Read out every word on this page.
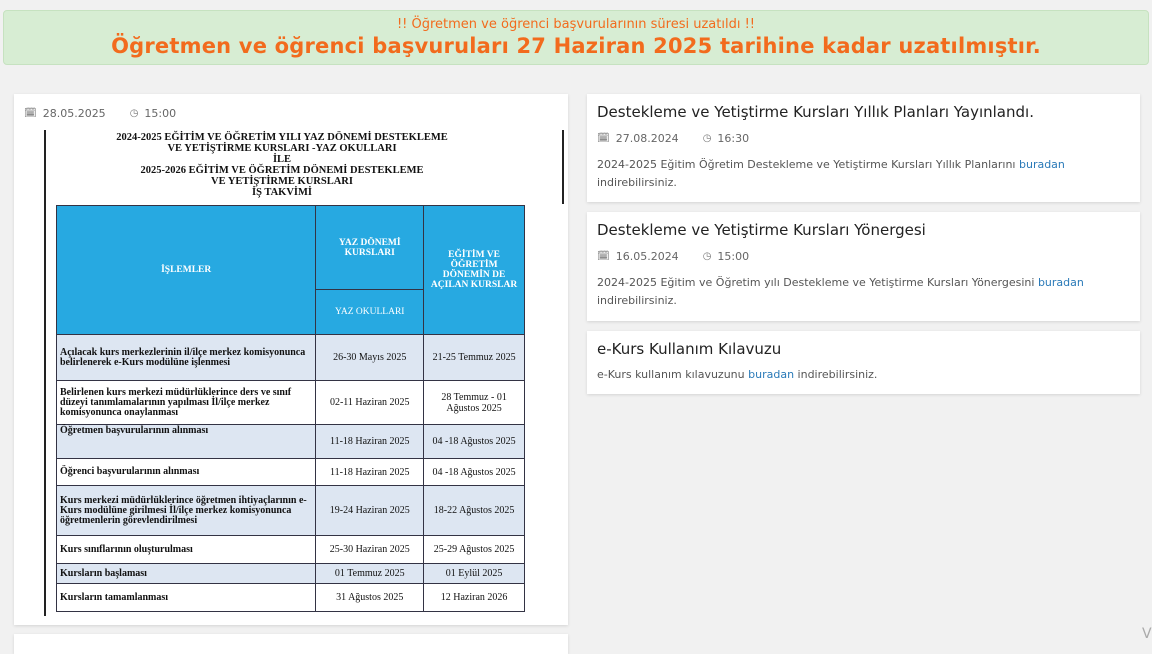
!! Öğretmen ve öğrenci başvurularının süresi uzatıldı !!
Öğretmen ve öğrenci başvuruları 27 Haziran 2025 tarihine kadar uzatılmıştır.
🗓︎ 28.05.2025 ◷ 15:00
2024-2025 EĞİTİM VE ÖĞRETİM YILI YAZ DÖNEMİ DESTEKLEME
VE YETİŞTİRME KURSLARI -YAZ OKULLARI
İLE
2025-2026 EĞİTİM VE ÖĞRETİM DÖNEMİ DESTEKLEME
VE YETİŞTİRME KURSLARI
İŞ TAKVİMİ
İŞLEMLER	YAZ DÖNEMİ KURSLARI	EĞİTİM VE ÖĞRETİM DÖNEMİN DE AÇILAN KURSLAR
	YAZ OKULLARI	
Açılacak kurs merkezlerinin il/ilçe merkez komisyonunca belirlenerek e-Kurs modülüne işlenmesi	26-30 Mayıs 2025	21-25 Temmuz 2025
Belirlenen kurs merkezi müdürlüklerince ders ve sınıf düzeyi tanımlamalarının yapılması İl/ilçe merkez komisyonunca onaylanması	02-11 Haziran 2025	28 Temmuz - 01 Ağustos 2025
Öğretmen başvurularının alınması	11-18 Haziran 2025	04 -18 Ağustos 2025
Öğrenci başvurularının alınması	11-18 Haziran 2025	04 -18 Ağustos 2025
Kurs merkezi müdürlüklerince öğretmen ihtiyaçlarının e-Kurs modülüne girilmesi İl/ilçe merkez komisyonunca öğretmenlerin görevlendirilmesi	19-24 Haziran 2025	18-22 Ağustos 2025
Kurs sınıflarının oluşturulması	25-30 Haziran 2025	25-29 Ağustos 2025
Kursların başlaması	01 Temmuz 2025	01 Eylül 2025
Kursların tamamlanması	31 Ağustos 2025	12 Haziran 2026
Destekleme ve Yetiştirme Kursları Yıllık Planları Yayınlandı.
🗓︎ 27.08.2024 ◷ 16:30
2024-2025 Eğitim Öğretim Destekleme ve Yetiştirme Kursları Yıllık Planlarını buradan
indirebilirsiniz.
Destekleme ve Yetiştirme Kursları Yönergesi
🗓︎ 16.05.2024 ◷ 15:00
2024-2025 Eğitim ve Öğretim yılı Destekleme ve Yetiştirme Kursları Yönergesini buradan
indirebilirsiniz.
e-Kurs Kullanım Kılavuzu
e-Kurs kullanım kılavuzunu buradan indirebilirsiniz.
V
